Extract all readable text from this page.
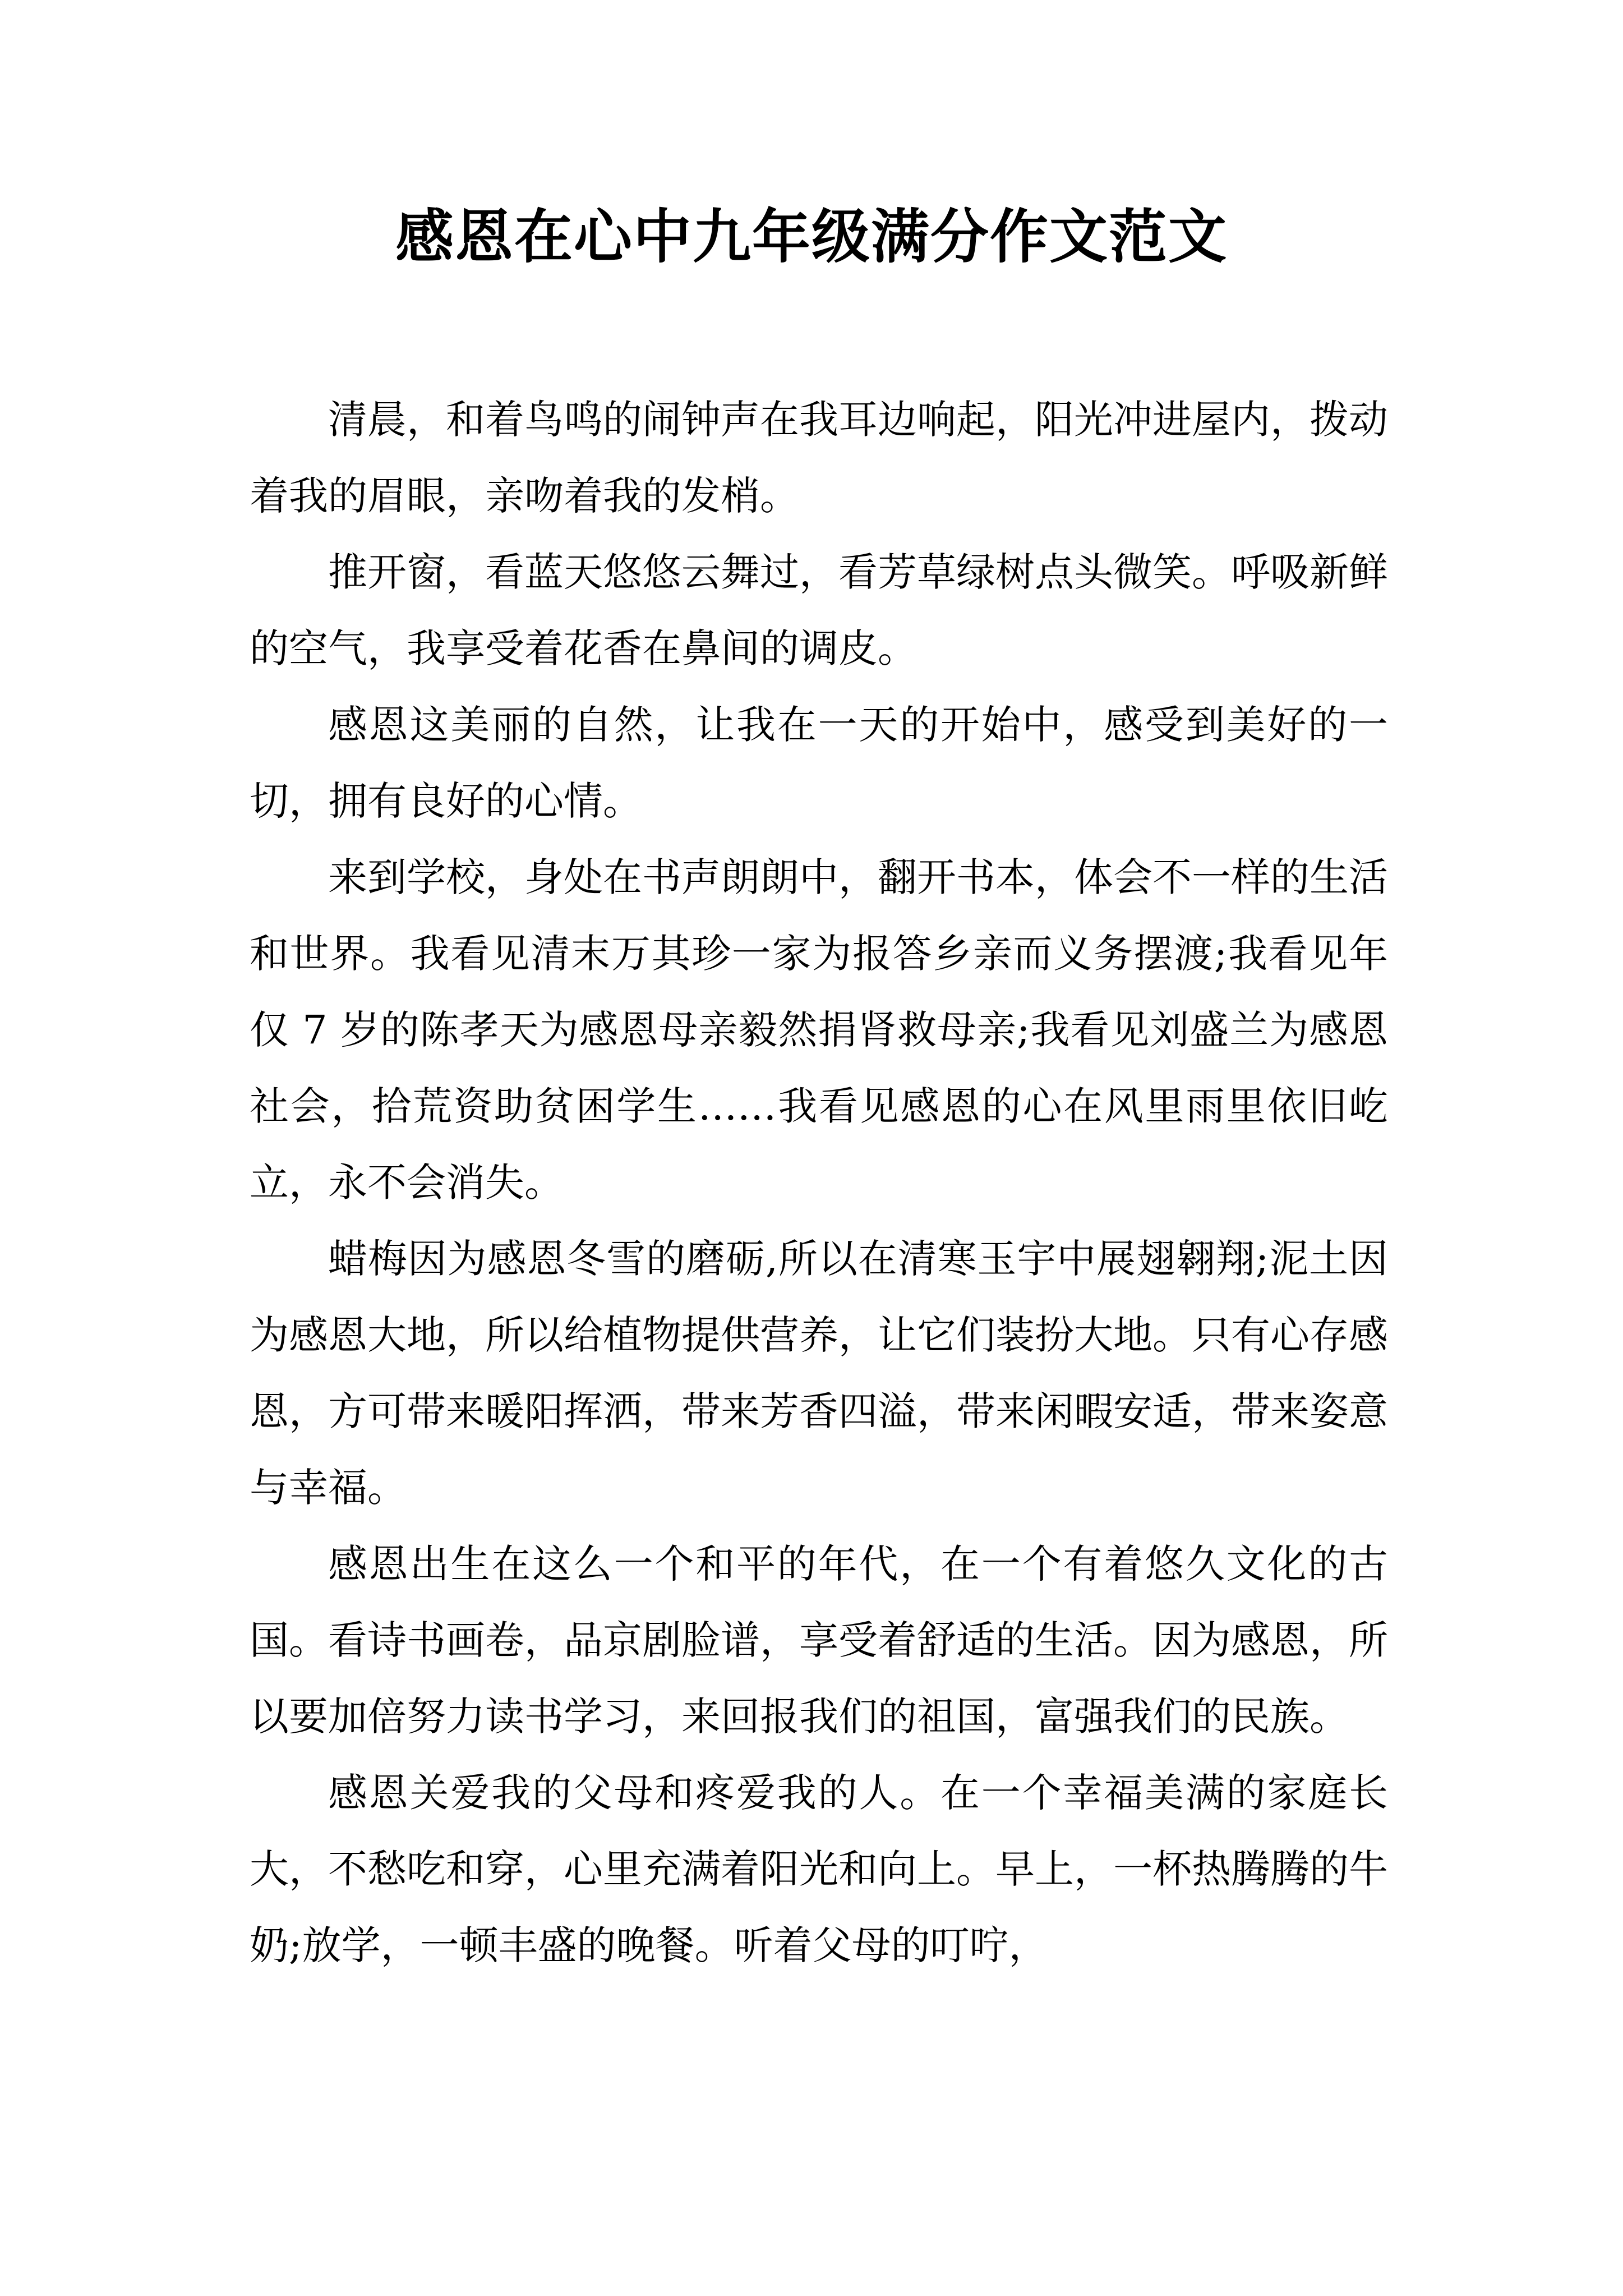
感恩在心中九年级满分作文范文

清晨，和着鸟鸣的闹钟声在我耳边响起，阳光冲进屋内，拨动着我的眉眼，亲吻着我的发梢。

推开窗，看蓝天悠悠云舞过，看芳草绿树点头微笑。呼吸新鲜的空气，我享受着花香在鼻间的调皮。

感恩这美丽的自然，让我在一天的开始中，感受到美好的一切，拥有良好的心情。

来到学校，身处在书声朗朗中，翻开书本，体会不一样的生活和世界。我看见清末万其珍一家为报答乡亲而义务摆渡;我看见年仅 7 岁的陈孝天为感恩母亲毅然捐肾救母亲;我看见刘盛兰为感恩社会，拾荒资助贫困学生……我看见感恩的心在风里雨里依旧屹立，永不会消失。

蜡梅因为感恩冬雪的磨砺,所以在清寒玉宇中展翅翱翔;泥土因为感恩大地，所以给植物提供营养，让它们装扮大地。只有心存感恩，方可带来暖阳挥洒，带来芳香四溢，带来闲暇安适，带来姿意与幸福。

感恩出生在这么一个和平的年代，在一个有着悠久文化的古国。看诗书画卷，品京剧脸谱，享受着舒适的生活。因为感恩，所以要加倍努力读书学习，来回报我们的祖国，富强我们的民族。

感恩关爱我的父母和疼爱我的人。在一个幸福美满的家庭长大，不愁吃和穿，心里充满着阳光和向上。早上，一杯热腾腾的牛奶;放学，一顿丰盛的晚餐。听着父母的叮咛，
